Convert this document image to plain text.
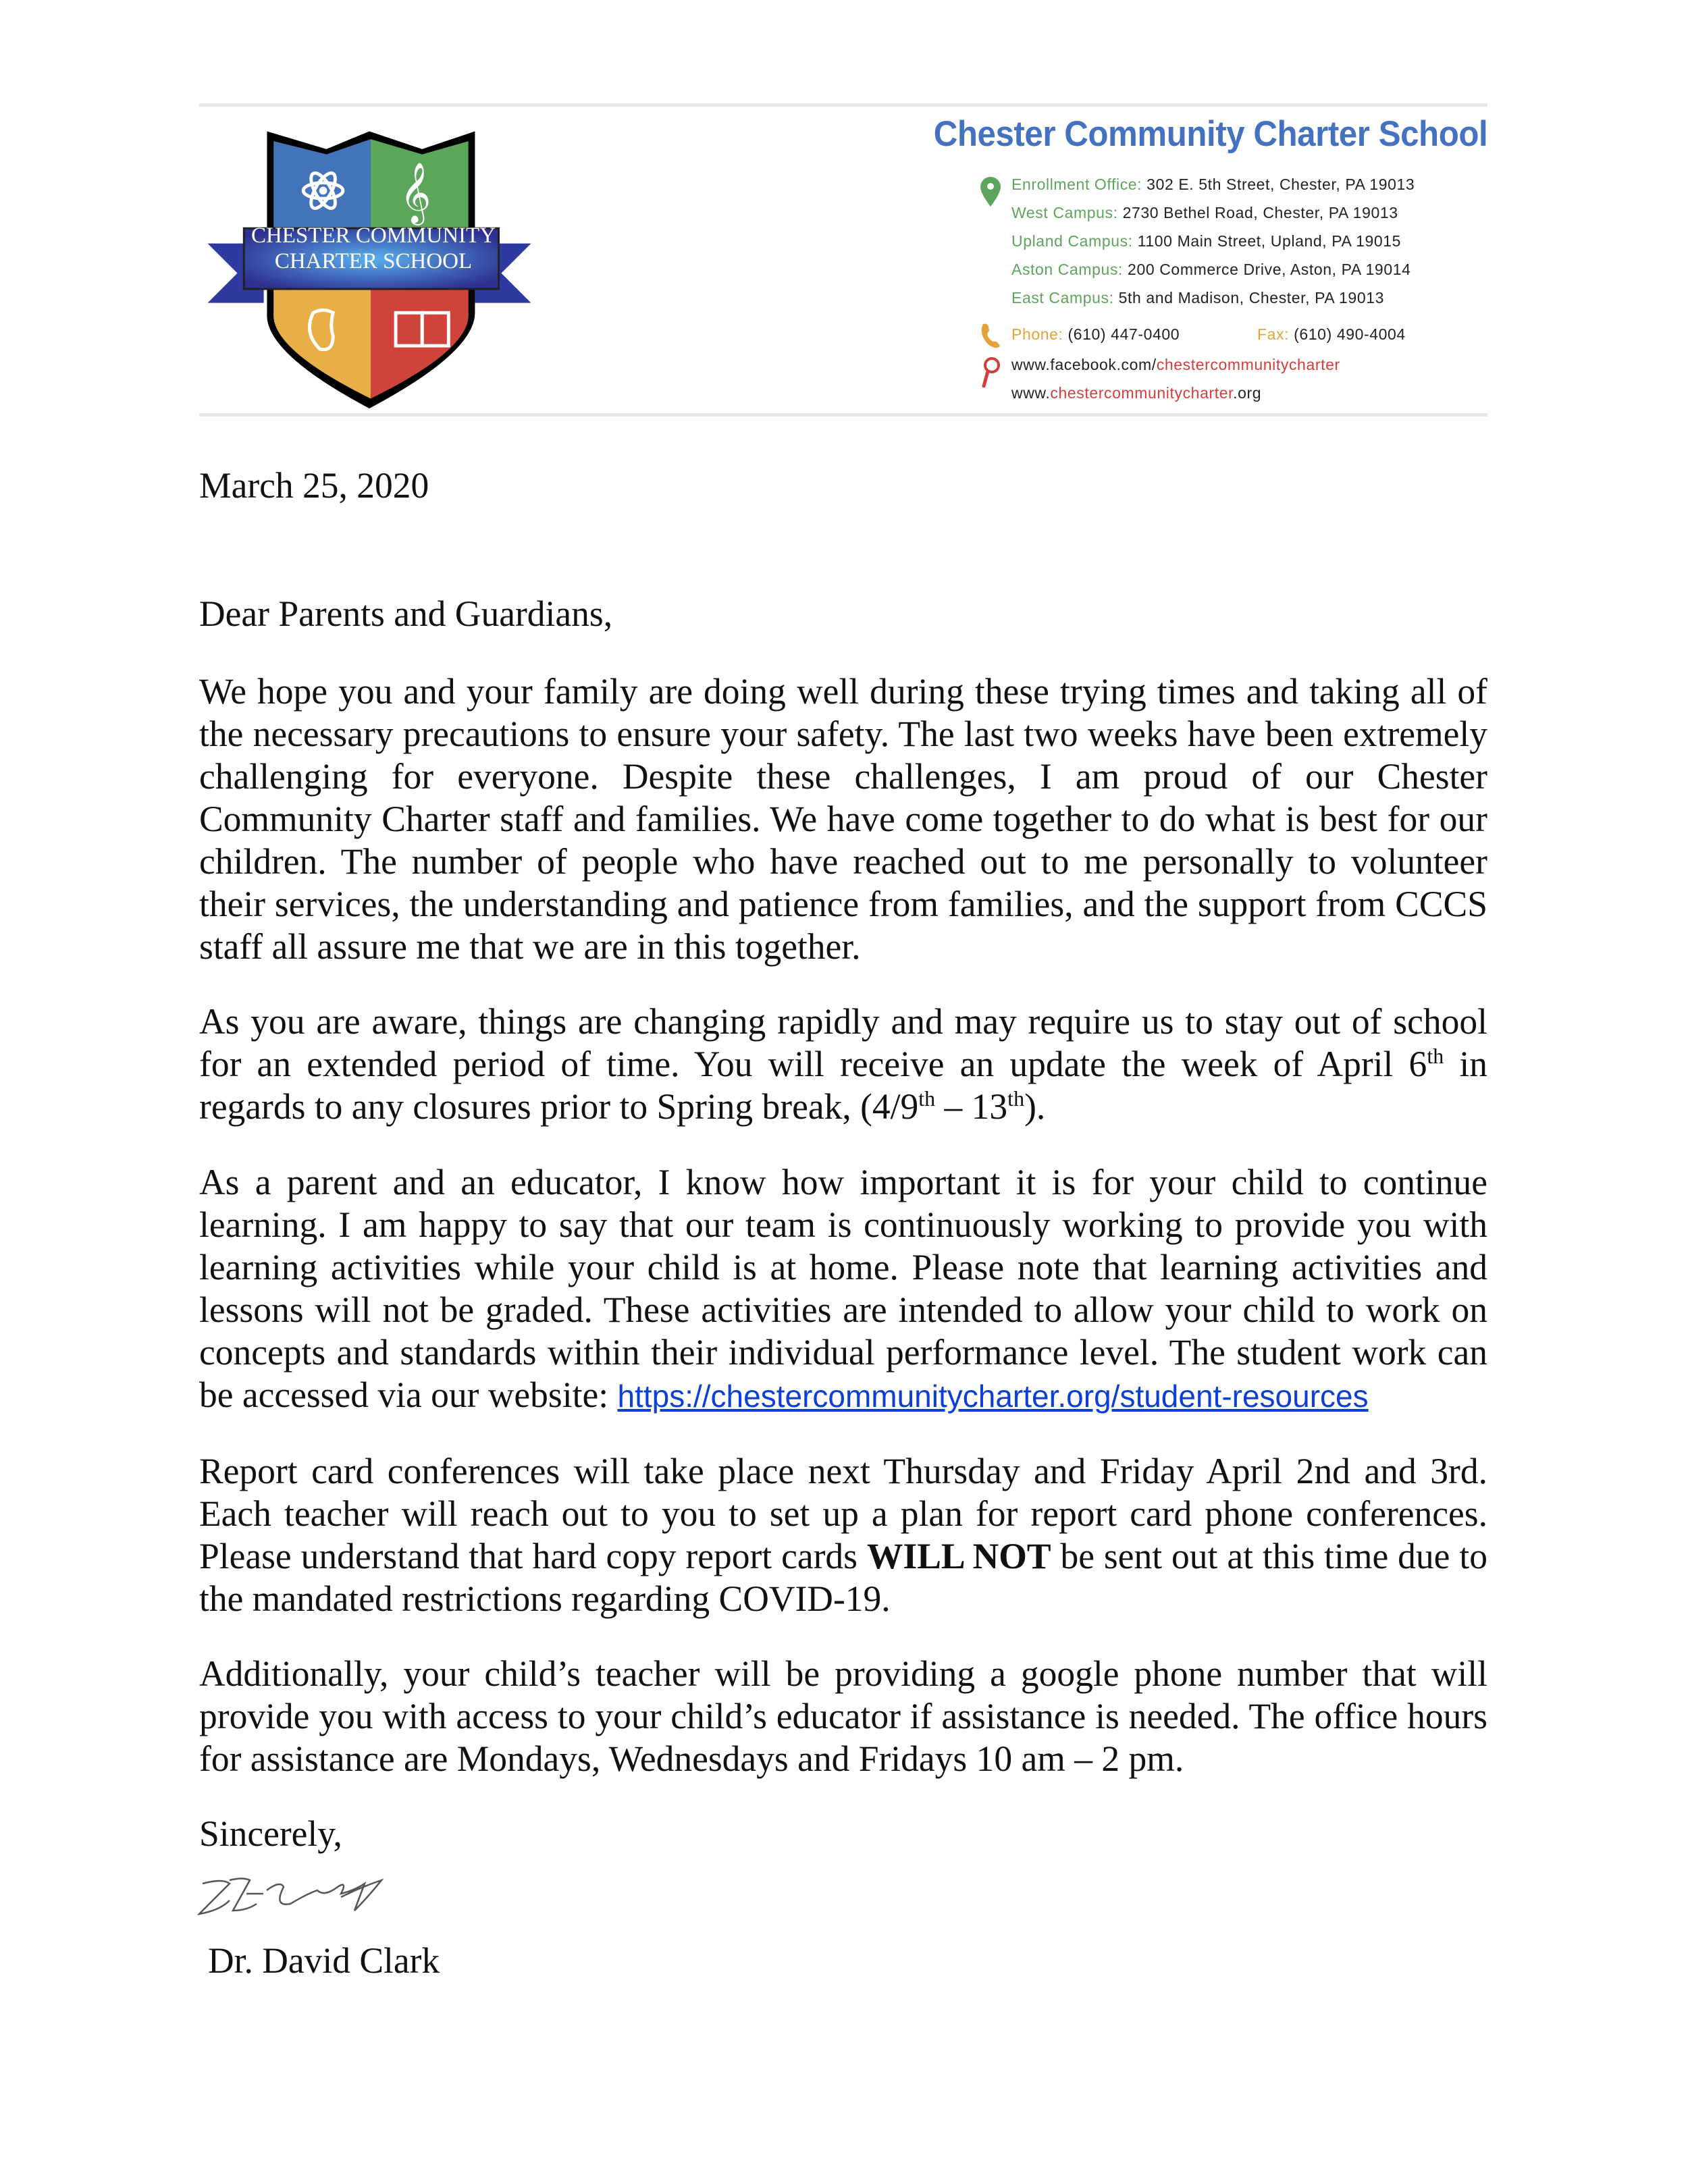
𝄞
CHESTER COMMUNITY CHARTER SCHOOL
Chester Community Charter School
Enrollment Office: 302 E. 5th Street, Chester, PA 19013
West Campus: 2730 Bethel Road, Chester, PA 19013
Upland Campus: 1100 Main Street, Upland, PA 19015
Aston Campus: 200 Commerce Drive, Aston, PA 19014
East Campus: 5th and Madison, Chester, PA 19013
Phone: (610) 447-0400	Fax: (610) 490-4004
www.facebook.com/chestercommunitycharter
www.chestercommunitycharter.org
March 25, 2020
Dear Parents and Guardians,
We hope you and your family are doing well during these trying times and taking all of the necessary precautions to ensure your safety. The last two weeks have been extremely challenging for everyone. Despite these challenges, I am proud of our Chester Community Charter staff and families. We have come together to do what is best for our children. The number of people who have reached out to me personally to volunteer their services, the understanding and patience from families, and the support from CCCS staff all assure me that we are in this together.
As you are aware, things are changing rapidly and may require us to stay out of school for an extended period of time. You will receive an update the week of April 6th in regards to any closures prior to Spring break, (4/9th – 13th).
As a parent and an educator, I know how important it is for your child to continue learning. I am happy to say that our team is continuously working to provide you with learning activities while your child is at home. Please note that learning activities and lessons will not be graded. These activities are intended to allow your child to work on concepts and standards within their individual performance level. The student work can be accessed via our website: https://chestercommunitycharter.org/student-resources
Report card conferences will take place next Thursday and Friday April 2nd and 3rd. Each teacher will reach out to you to set up a plan for report card phone conferences. Please understand that hard copy report cards WILL NOT be sent out at this time due to the mandated restrictions regarding COVID-19.
Additionally, your child’s teacher will be providing a google phone number that will provide you with access to your child’s educator if assistance is needed. The office hours for assistance are Mondays, Wednesdays and Fridays 10 am – 2 pm.
Sincerely,
Dr. David Clark
